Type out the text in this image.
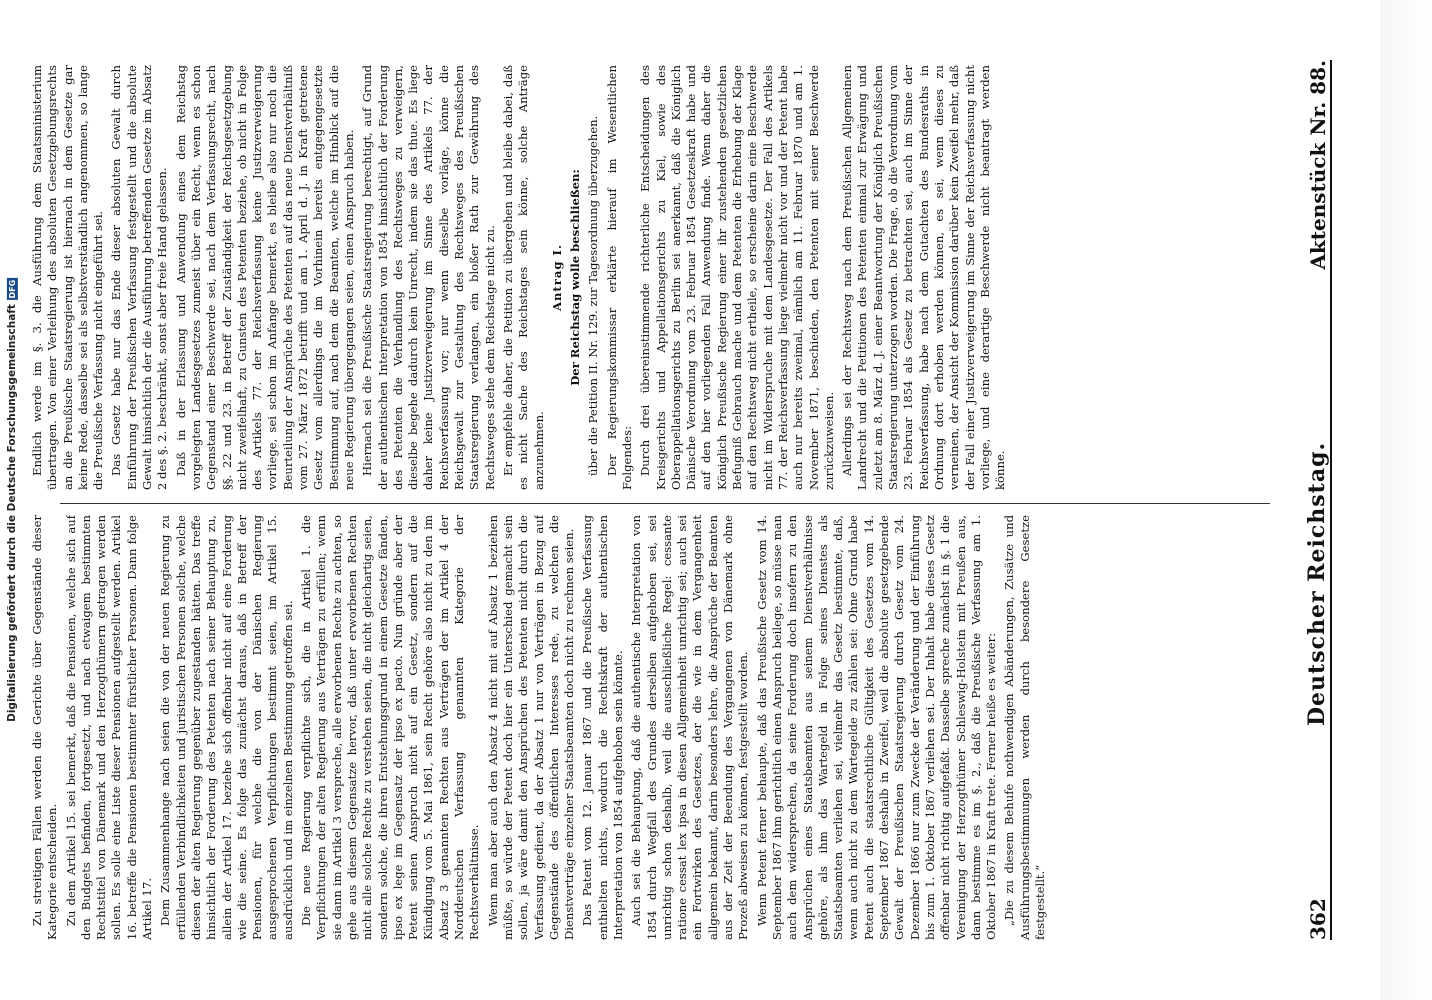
362
Deutscher Reichstag.
Aktenstück Nr. 88.

Zu streitigen Fällen werden die Gerichte über Gegenstände dieser Kategorie entscheiden. Zu dem Artikel 15. sei bemerkt, daß die Pensionen, welche sich auf den Budgets befinden, fortgesetzt, und nach etwaigem bestimmten Rechtstitel von Dänemark und den Herzogthümern getragen werden sollen. Es solle eine Liste dieser Pensionen aufgestellt werden. Artikel 16. betreffe die Pensionen bestimmter fürstlicher Personen. Dann folge Artikel 17. Dem Zusammenhange nach seien die von der neuen Regierung zu erfüllenden Verbindlichkeiten und juristischen Personen solche, welche diesen der alten Regierung gegenüber zugestanden hätten. Das treffe hinsichtlich der Forderung des Petenten nach seiner Behauptung zu, allein der Artikel 17. beziehe sich offenbar nicht auf eine Forderung wie die seine. Es folge das zunächst daraus, daß in Betreff der Pensionen, für welche die von der Dänischen Regierung ausgesprochenen Verpflichtungen bestimmt seien, im Artikel 15. ausdrücklich und im einzelnen Bestimmung getroffen sei. Die neue Regierung verpflichte sich, die in Artikel 1. die Verpflichtungen der alten Regierung aus Verträgen zu erfüllen; wenn sie dann im Artikel 3 verspreche, alle erworbenen Rechte zu achten, so gehe aus diesem Gegensatze hervor, daß unter erworbenen Rechten nicht alle solche Rechte zu verstehen seien, die nicht gleichartig seien, sondern solche, die ihren Entstehungsgrund in einem Gesetze fänden, ipso ex lege im Gegensatz der ipso ex pacto. Nun gründe aber der Petent seinen Anspruch nicht auf ein Gesetz, sondern auf die Kündigung vom 5. Mai 1861, sein Recht gehöre also nicht zu den im Absatz 3 genannten Rechten aus Verträgen der im Artikel 4 der Norddeutschen Verfassung genannten Kategorie der Rechtsverhältnisse. Wenn man aber auch den Absatz 4 nicht mit auf Absatz 1 beziehen müßte, so würde der Petent doch hier ein Unterschied gemacht sein sollen, ja wäre damit den Ansprüchen des Petenten nicht durch die Verfassung gedient, da der Absatz 1 nur von Verträgen in Bezug auf Gegenstände des öffentlichen Interesses rede, zu welchen die Dienstverträge einzelner Staatsbeamten doch nicht zu rechnen seien. Das Patent vom 12. Januar 1867 und die Preußische Verfassung enthielten nichts, wodurch die Rechtskraft der authentischen Interpretation von 1854 aufgehoben sein könnte. Auch sei die Behauptung, daß die authentische Interpretation von 1854 durch Wegfall des Grundes derselben aufgehoben sei, sei unrichtig schon deshalb, weil die ausschließliche Regel: cessante ratione cessat lex ipsa in diesen Allgemeinheit unrichtig sei; auch sei ein Fortwirken des Gesetzes, der die wie in dem Vergangenheit allgemein bekannt, darin besonders lehre, die Ansprüche der Beamten aus der Zeit der Beendung des Vergangenen von Dänemark ohne Prozeß abweisen zu können, festgestellt worden. Wenn Petent ferner behaupte, daß das Preußische Gesetz vom 14. September 1867 ihm gerichtlich einen Anspruch beilege, so müsse man auch dem widersprechen, da seine Forderung doch insofern zu den Ansprüchen eines Staatsbeamten aus seinem Dienstverhältnisse gehöre, als ihm das Wartegeld in Folge seines Dienstes als Staatsbeamten verliehen sei, vielmehr das Gesetz bestimmte, daß, wenn auch nicht zu dem Wartegelde zu zählen sei: Ohne Grund habe Petent auch die staatsrechtliche Gültigkeit des Gesetzes vom 14. September 1867 deshalb in Zweifel, weil die absolute gesetzgebende Gewalt der Preußischen Staatsregierung durch Gesetz vom 24. Dezember 1866 nur zum Zwecke der Veränderung und der Einführung bis zum 1. Oktober 1867 verliehen sei. Der Inhalt habe dieses Gesetz offenbar nicht richtig aufgefaßt. Dasselbe spreche zunächst in §. 1 die Vereinigung der Herzogthümer Schleswig-Holstein mit Preußen aus, dann bestimme es im §. 2., daß die Preußische Verfassung am 1. Oktober 1867 in Kraft trete. Ferner heiße es weiter: „Die zu diesem Behufe nothwendigen Abänderungen, Zusätze und Ausführungsbestimmungen werden durch besondere Gesetze festgestellt.“

Endlich werde im §. 3. die Ausführung dem Staatsministerium übertragen. Von einer Verleihung des absoluten Gesetzgebungsrechts an die Preußische Staatsregierung ist hiernach in dem Gesetze gar keine Rede, dasselbe sei als selbstverständlich angenommen, so lange die Preußische Verfassung nicht eingeführt sei. Das Gesetz habe nur das Ende dieser absoluten Gewalt durch Einführung der Preußischen Verfassung festgestellt und die absolute Gewalt hinsichtlich der die Ausführung betreffenden Gesetze im Absatz 2 des §. 2. beschränkt, sonst aber freie Hand gelassen. Daß in der Erlassung und Anwendung eines dem Reichstag vorgelegten Landesgesetzes zumeist über ein Recht, wenn es schon Gegenstand einer Beschwerde sei, nach dem Verfassungsrecht, nach §§. 22 und 23. in Betreff der Zuständigkeit der Reichsgesetzgebung nicht zweifelhaft, zu Gunsten des Petenten beziehe, ob nicht in Folge des Artikels 77. der Reichsverfassung keine Justizverweigerung vorliege, sei schon im Anfange bemerkt, es bleibe also nur noch die Beurteilung der Ansprüche des Petenten auf das neue Dienstverhältniß vom 27. März 1872 betrifft und am 1. April d. J. in Kraft getretene Gesetz vom allerdings die im Vorhinein bereits entgegengesetzte Bestimmung auf, nach dem die Beamten, welche im Hinblick auf die neue Regierung übergegangen seien, einen Anspruch haben. Hiernach sei die Preußische Staatsregierung berechtigt, auf Grund der authentischen Interpretation von 1854 hinsichtlich der Forderung des Petenten die Verhandlung des Rechtsweges zu verweigern, dieselbe begehe dadurch kein Unrecht, indem sie das thue. Es liege daher keine Justizverweigerung im Sinne des Artikels 77. der Reichsverfassung vor; nur wenn dieselbe vorläge, könne die Reichsgewalt zur Gestaltung des Rechtsweges des Preußischen Staatsregierung verlangen, ein bloßer Rath zur Gewährung des Rechtsweges stehe dem Reichstage nicht zu. Er empfehle daher, die Petition zu übergehen und bleibe dabei, daß es nicht Sache des Reichstages sein könne, solche Anträge anzunehmen.

Antrag I. Der Reichstag wolle beschließen: über die Petition II. Nr. 129. zur Tagesordnung überzugehen. Der Regierungskommissar erklärte hierauf im Wesentlichen Folgendes: Durch drei übereinstimmende richterliche Entscheidungen des Kreisgerichts und Appellationsgerichts zu Kiel, sowie des Oberappellationsgerichts zu Berlin sei anerkannt, daß die Königlich Dänische Verordnung vom 23. Februar 1854 Gesetzeskraft habe und auf den hier vorliegenden Fall Anwendung finde. Wenn daher die Königlich Preußische Regierung einer ihr zustehenden gesetzlichen Befugniß Gebrauch mache und dem Petenten die Erhebung der Klage auf den Rechtsweg nicht ertheile, so erscheine darin eine Beschwerde nicht im Widerspruche mit dem Landesgesetze. Der Fall des Artikels 77. der Reichsverfassung liege vielmehr nicht vor und der Petent habe auch nur bereits zweimal, nämlich am 11. Februar 1870 und am 1. November 1871, beschieden, den Petenten mit seiner Beschwerde zurückzuweisen. Allerdings sei der Rechtsweg nach dem Preußischen Allgemeinen Landrecht und die Petitionen des Petenten einmal zur Erwägung und zuletzt am 8. März d. J. einer Beantwortung der Königlich Preußischen Staatsregierung unterzogen worden. Die Frage, ob die Verordnung vom 23. Februar 1854 als Gesetz zu betrachten sei, auch im Sinne der Reichsverfassung, habe nach dem Gutachten des Bundesraths in Ordnung dort erhoben werden können, es sei, wenn dieses zu verneinen, der Ansicht der Kommission darüber kein Zweifel mehr, daß der Fall einer Justizverweigerung im Sinne der Reichsverfassung nicht vorliege, und eine derartige Beschwerde nicht beantragt werden könne.

Digitalisierung gefördert durch die Deutsche Forschungsgemeinschaft
DFG
